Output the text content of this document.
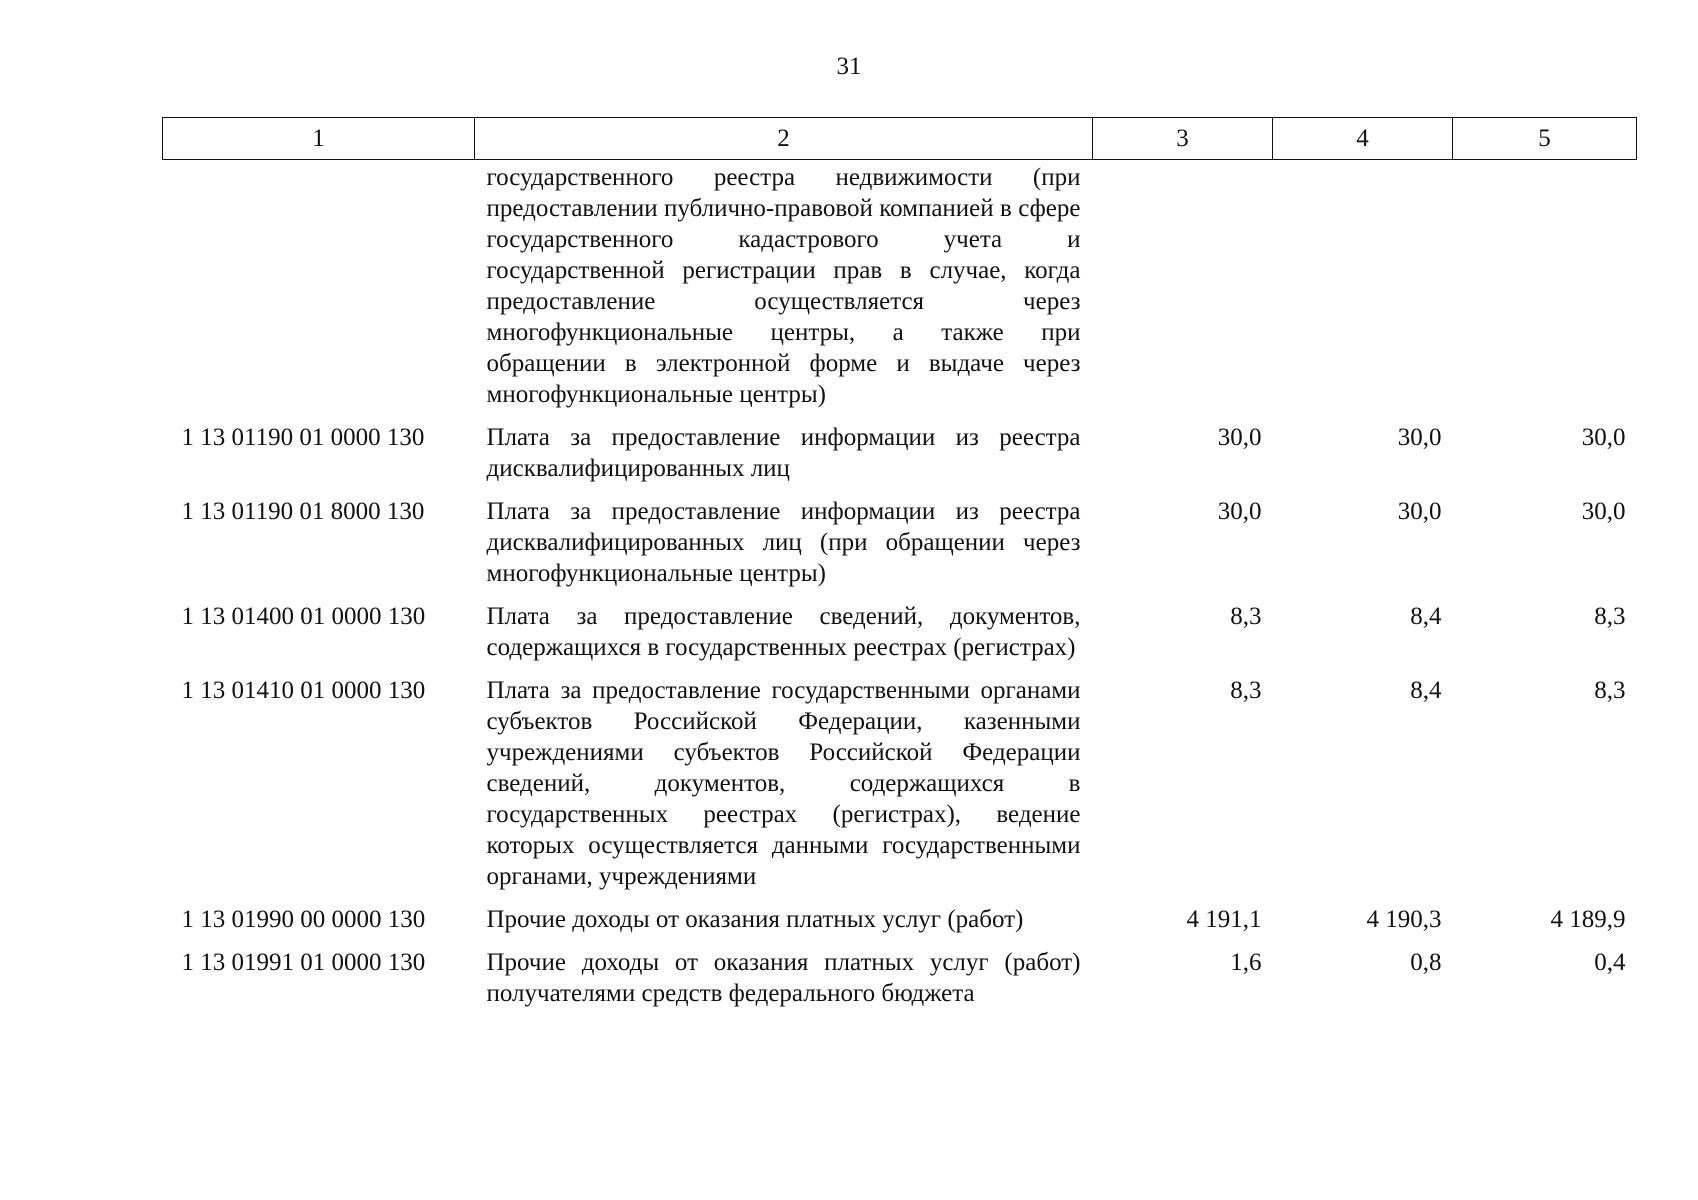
31
1	2	3	4	5
	государственного реестра недвижимости (при предоставлении публично-правовой компанией в сфере государственного кадастрового учета и государственной регистрации прав в случае, когда предоставление осуществляется через многофункциональные центры, а также при обращении в электронной форме и выдаче через многофункциональные центры)			
1 13 01190 01 0000 130	Плата за предоставление информации из реестра дисквалифицированных лиц	30,0	30,0	30,0
1 13 01190 01 8000 130	Плата за предоставление информации из реестра дисквалифицированных лиц (при обращении через многофункциональные центры)	30,0	30,0	30,0
1 13 01400 01 0000 130	Плата за предоставление сведений, документов, содержащихся в государственных реестрах (регистрах)	8,3	8,4	8,3
1 13 01410 01 0000 130	Плата за предоставление государственными органами субъектов Российской Федерации, казенными учреждениями субъектов Российской Федерации сведений, документов, содержащихся в государственных реестрах (регистрах), ведение которых осуществляется данными государственными органами, учреждениями	8,3	8,4	8,3
1 13 01990 00 0000 130	Прочие доходы от оказания платных услуг (работ)	4 191,1	4 190,3	4 189,9
1 13 01991 01 0000 130	Прочие доходы от оказания платных услуг (работ) получателями средств федерального бюджета	1,6	0,8	0,4
